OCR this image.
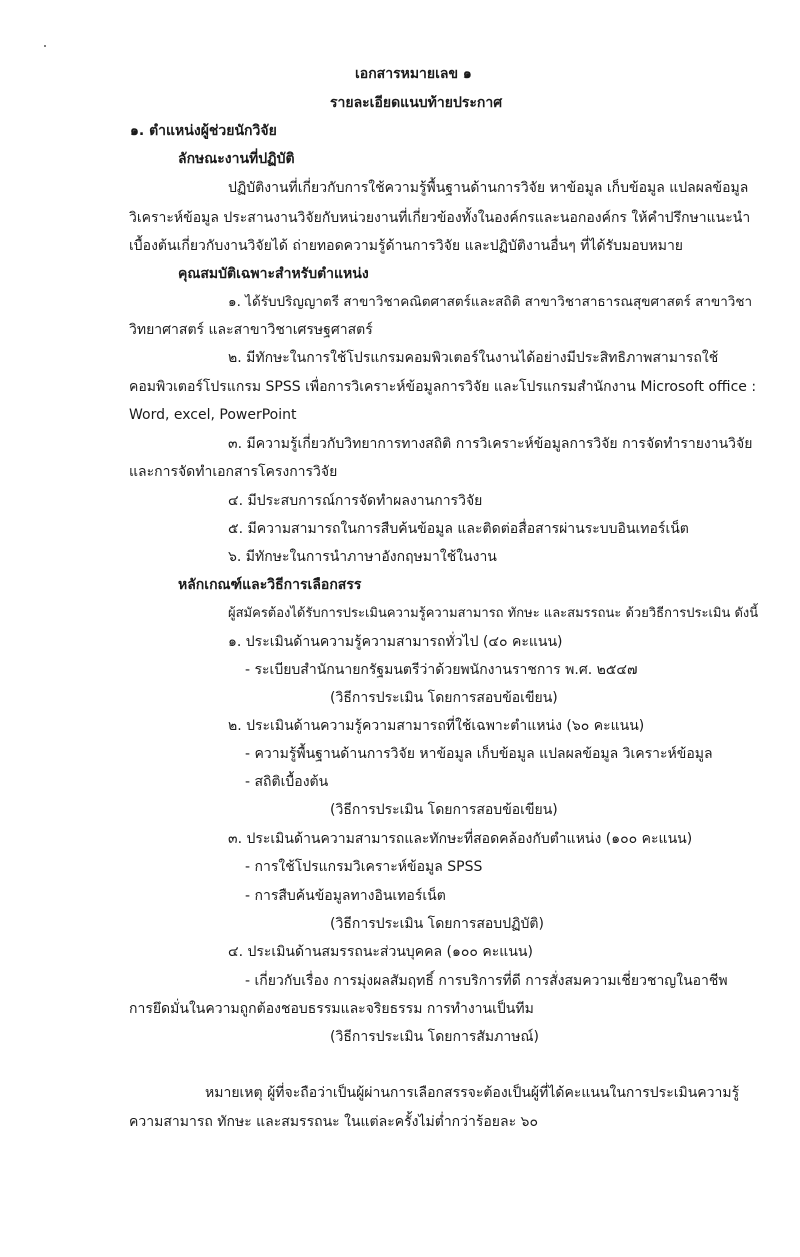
เอกสารหมายเลข ๑
รายละเอียดแนบท้ายประกาศ
๑. ตำแหน่งผู้ช่วยนักวิจัย
ลักษณะงานที่ปฏิบัติ
ปฏิบัติงานที่เกี่ยวกับการใช้ความรู้พื้นฐานด้านการวิจัย หาข้อมูล เก็บข้อมูล แปลผลข้อมูล
วิเคราะห์ข้อมูล ประสานงานวิจัยกับหน่วยงานที่เกี่ยวข้องทั้งในองค์กรและนอกองค์กร ให้คำปรึกษาแนะนำ
เบื้องต้นเกี่ยวกับงานวิจัยได้ ถ่ายทอดความรู้ด้านการวิจัย และปฏิบัติงานอื่นๆ ที่ได้รับมอบหมาย
คุณสมบัติเฉพาะสำหรับตำแหน่ง
๑. ได้รับปริญญาตรี สาขาวิชาคณิตศาสตร์และสถิติ สาขาวิชาสาธารณสุขศาสตร์ สาขาวิชา
วิทยาศาสตร์ และสาขาวิชาเศรษฐศาสตร์
๒. มีทักษะในการใช้โปรแกรมคอมพิวเตอร์ในงานได้อย่างมีประสิทธิภาพสามารถใช้
คอมพิวเตอร์โปรแกรม SPSS เพื่อการวิเคราะห์ข้อมูลการวิจัย และโปรแกรมสำนักงาน Microsoft office :
Word, excel, PowerPoint
๓. มีความรู้เกี่ยวกับวิทยาการทางสถิติ การวิเคราะห์ข้อมูลการวิจัย การจัดทำรายงานวิจัย
และการจัดทำเอกสารโครงการวิจัย
๔. มีประสบการณ์การจัดทำผลงานการวิจัย
๕. มีความสามารถในการสืบค้นข้อมูล และติดต่อสื่อสารผ่านระบบอินเทอร์เน็ต
๖. มีทักษะในการนำภาษาอังกฤษมาใช้ในงาน
หลักเกณฑ์และวิธีการเลือกสรร
ผู้สมัครต้องได้รับการประเมินความรู้ความสามารถ ทักษะ และสมรรถนะ ด้วยวิธีการประเมิน ดังนี้
๑. ประเมินด้านความรู้ความสามารถทั่วไป (๔๐ คะแนน)
- ระเบียบสำนักนายกรัฐมนตรีว่าด้วยพนักงานราชการ พ.ศ. ๒๕๔๗
(วิธีการประเมิน โดยการสอบข้อเขียน)
๒. ประเมินด้านความรู้ความสามารถที่ใช้เฉพาะตำแหน่ง (๖๐ คะแนน)
- ความรู้พื้นฐานด้านการวิจัย หาข้อมูล เก็บข้อมูล แปลผลข้อมูล วิเคราะห์ข้อมูล
- สถิติเบื้องต้น
(วิธีการประเมิน โดยการสอบข้อเขียน)
๓. ประเมินด้านความสามารถและทักษะที่สอดคล้องกับตำแหน่ง (๑๐๐ คะแนน)
- การใช้โปรแกรมวิเคราะห์ข้อมูล SPSS
- การสืบค้นข้อมูลทางอินเทอร์เน็ต
(วิธีการประเมิน โดยการสอบปฏิบัติ)
๔. ประเมินด้านสมรรถนะส่วนบุคคล (๑๐๐ คะแนน)
- เกี่ยวกับเรื่อง การมุ่งผลสัมฤทธิ์ การบริการที่ดี การสั่งสมความเชี่ยวชาญในอาชีพ
การยึดมั่นในความถูกต้องชอบธรรมและจริยธรรม การทำงานเป็นทีม
(วิธีการประเมิน โดยการสัมภาษณ์)
หมายเหตุ ผู้ที่จะถือว่าเป็นผู้ผ่านการเลือกสรรจะต้องเป็นผู้ที่ได้คะแนนในการประเมินความรู้
ความสามารถ ทักษะ และสมรรถนะ ในแต่ละครั้งไม่ต่ำกว่าร้อยละ ๖๐
